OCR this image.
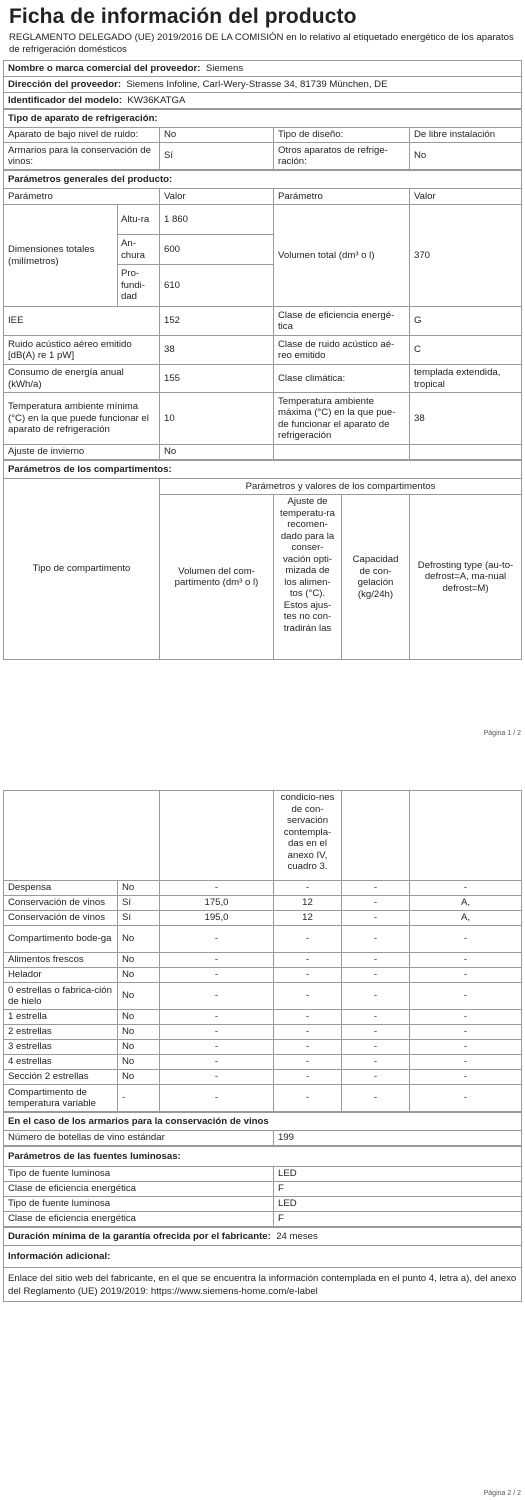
Ficha de información del producto
REGLAMENTO DELEGADO (UE) 2019/2016 DE LA COMISIÓN en lo relativo al etiquetado energético de los aparatos de refrigeración domésticos
Nombre o marca comercial del proveedor: Siemens
Dirección del proveedor: Siemens Infoline, Carl-Wery-Strasse 34, 81739 München, DE
Identificador del modelo: KW36KATGA
Tipo de aparato de refrigeración:			
Aparato de bajo nivel de ruido:	No	Tipo de diseño:	De libre instalación
Armarios para la conservación de vinos:	Sí	Otros aparatos de refrige-ración:	No
Parámetros generales del producto:				
Parámetro		Valor	Parámetro	Valor
Dimensiones totales (milímetros)	Altu-ra	1 860	Volumen total (dm³ o l)	370
	An-chura	600		
	Pro-fundi-dad	610		
IEE		152	Clase de eficiencia energé-tica	G
Ruido acústico aéreo emitido [dB(A) re 1 pW]		38	Clase de ruido acústico aé-reo emitido	C
Consumo de energía anual (kWh/a)		155	Clase climática:	templada extendida, tropical
Temperatura ambiente mínima (°C) en la que puede funcionar el aparato de refrigeración		10	Temperatura ambiente máxima (°C) en la que pue-de funcionar el aparato de refrigeración	38
Ajuste de invierno		No		
Parámetros de los compartimentos:				
Tipo de compartimento	Parámetros y valores de los compartimentos			
	Volumen del com-partimento (dm³ o l)	Ajuste de temperatu-ra recomen-dado para la conser-vación opti-mizada de los alimen-tos (°C). Estos ajus-tes no con-tradirán las	Capacidad de con-gelación (kg/24h)	Defrosting type (au-to-defrost=A, ma-nual defrost=M)
Página 1 / 2
			condicio-nes de con-servación contempla-das en el anexo IV, cuadro 3.		
Despensa	No	-	-	-	-
Conservación de vinos	Sí	175,0	12	-	A,
Conservación de vinos	Sí	195,0	12	-	A,
Compartimento bode-ga	No	-	-	-	-
Alimentos frescos	No	-	-	-	-
Helador	No	-	-	-	-
0 estrellas o fabrica-ción de hielo	No	-	-	-	-
1 estrella	No	-	-	-	-
2 estrellas	No	-	-	-	-
3 estrellas	No	-	-	-	-
4 estrellas	No	-	-	-	-
Sección 2 estrellas	No	-	-	-	-
Compartimento de temperatura variable	-	-	-	-	-
En el caso de los armarios para la conservación de vinos
Número de botellas de vino estándar	199
Parámetros de las fuentes luminosas:	
Tipo de fuente luminosa	LED
Clase de eficiencia energética	F
Tipo de fuente luminosa	LED
Clase de eficiencia energética	F
Duración mínima de la garantía ofrecida por el fabricante: 24 meses
Información adicional:
Enlace del sitio web del fabricante, en el que se encuentra la información contemplada en el punto 4, letra a), del anexo del Reglamento (UE) 2019/2019: https://www.siemens-home.com/e-label
Página 2 / 2
